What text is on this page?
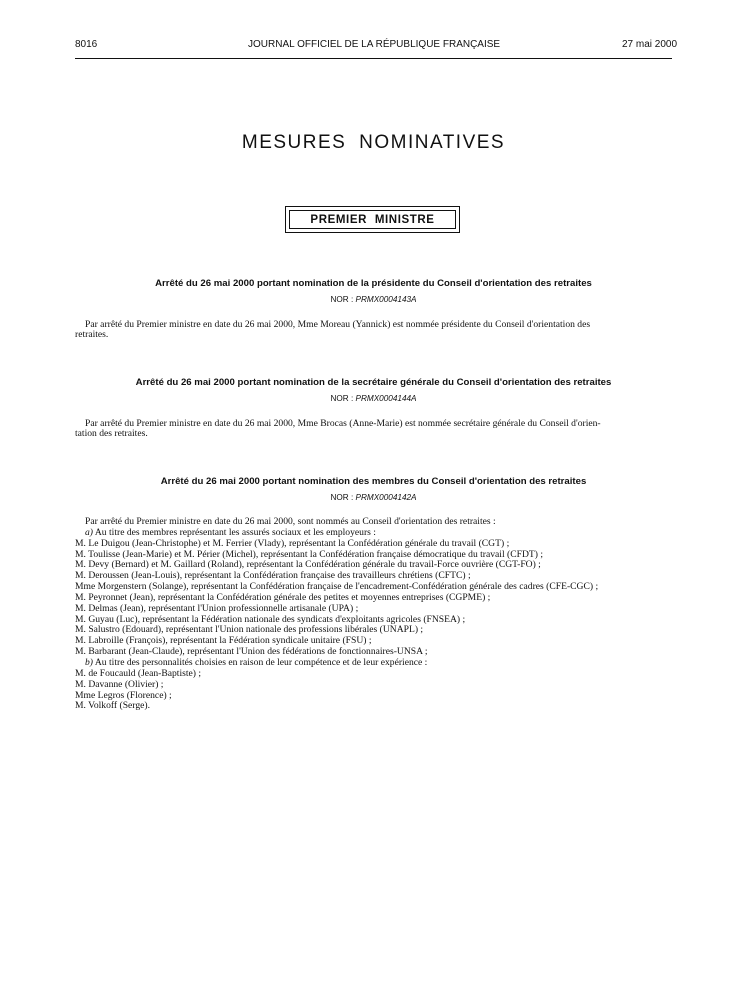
8016	JOURNAL OFFICIEL DE LA RÉPUBLIQUE FRANÇAISE	27 mai 2000
MESURES NOMINATIVES
PREMIER MINISTRE
Arrêté du 26 mai 2000 portant nomination de la présidente du Conseil d'orientation des retraites
NOR : PRMX0004143A
Par arrêté du Premier ministre en date du 26 mai 2000, Mme Moreau (Yannick) est nommée présidente du Conseil d'orientation des
retraites.
Arrêté du 26 mai 2000 portant nomination de la secrétaire générale du Conseil d'orientation des retraites
NOR : PRMX0004144A
Par arrêté du Premier ministre en date du 26 mai 2000, Mme Brocas (Anne-Marie) est nommée secrétaire générale du Conseil d'orien-
tation des retraites.
Arrêté du 26 mai 2000 portant nomination des membres du Conseil d'orientation des retraites
NOR : PRMX0004142A
Par arrêté du Premier ministre en date du 26 mai 2000, sont nommés au Conseil d'orientation des retraites :
a) Au titre des membres représentant les assurés sociaux et les employeurs :
M. Le Duigou (Jean-Christophe) et M. Ferrier (Vlady), représentant la Confédération générale du travail (CGT) ;
M. Toulisse (Jean-Marie) et M. Périer (Michel), représentant la Confédération française démocratique du travail (CFDT) ;
M. Devy (Bernard) et M. Gaillard (Roland), représentant la Confédération générale du travail-Force ouvrière (CGT-FO) ;
M. Deroussen (Jean-Louis), représentant la Confédération française des travailleurs chrétiens (CFTC) ;
Mme Morgenstern (Solange), représentant la Confédération française de l'encadrement-Confédération générale des cadres (CFE-CGC) ;
M. Peyronnet (Jean), représentant la Confédération générale des petites et moyennes entreprises (CGPME) ;
M. Delmas (Jean), représentant l'Union professionnelle artisanale (UPA) ;
M. Guyau (Luc), représentant la Fédération nationale des syndicats d'exploitants agricoles (FNSEA) ;
M. Salustro (Edouard), représentant l'Union nationale des professions libérales (UNAPL) ;
M. Labroille (François), représentant la Fédération syndicale unitaire (FSU) ;
M. Barbarant (Jean-Claude), représentant l'Union des fédérations de fonctionnaires-UNSA ;
b) Au titre des personnalités choisies en raison de leur compétence et de leur expérience :
M. de Foucauld (Jean-Baptiste) ;
M. Davanne (Olivier) ;
Mme Legros (Florence) ;
M. Volkoff (Serge).
